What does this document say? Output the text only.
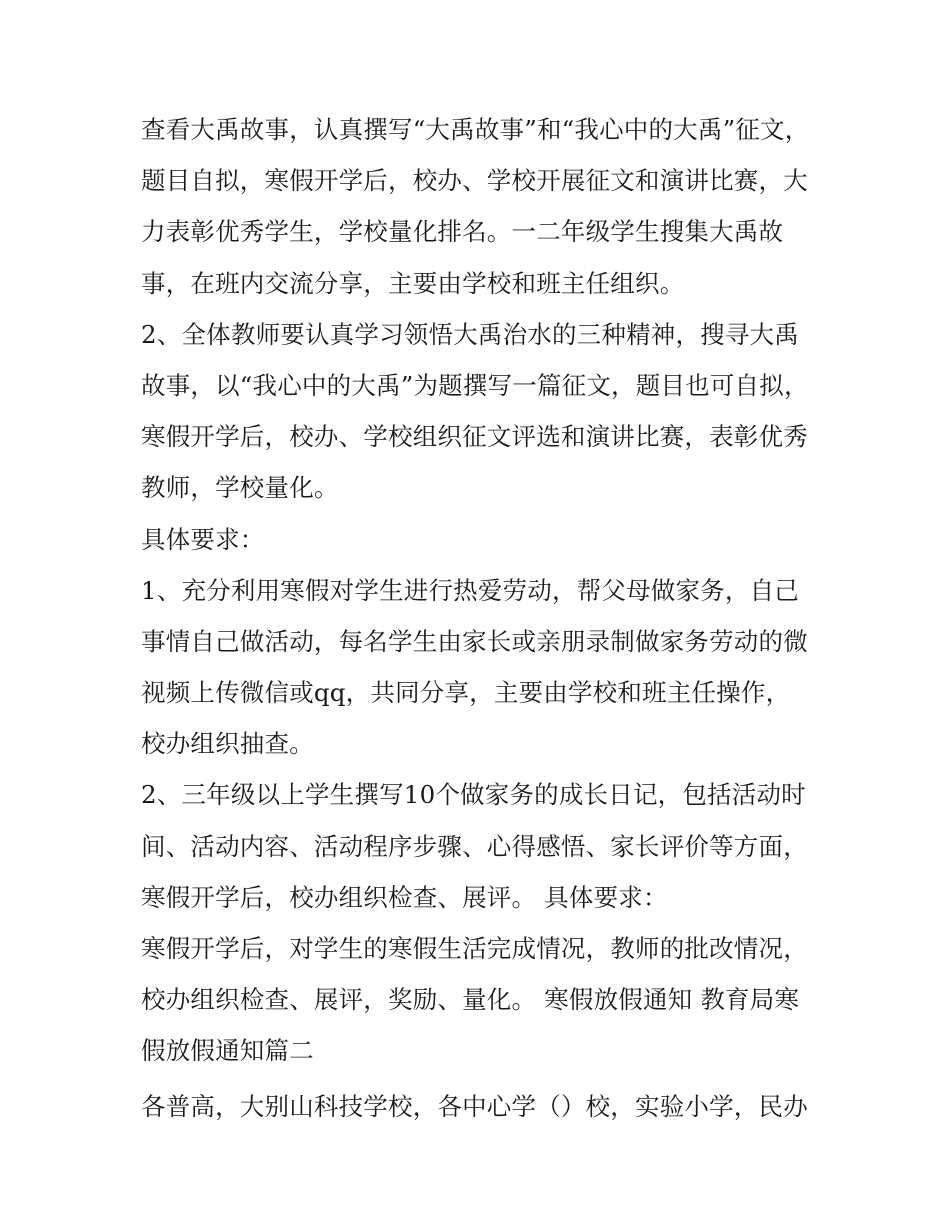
查看大禹故事，认真撰写“大禹故事”和“我心中的大禹”征文，
题目自拟，寒假开学后，校办、学校开展征文和演讲比赛，大
力表彰优秀学生，学校量化排名。一二年级学生搜集大禹故
事，在班内交流分享，主要由学校和班主任组织。
2、全体教师要认真学习领悟大禹治水的三种精神，搜寻大禹
故事，以“我心中的大禹”为题撰写一篇征文，题目也可自拟，
寒假开学后，校办、学校组织征文评选和演讲比赛，表彰优秀
教师，学校量化。
具体要求：
1、充分利用寒假对学生进行热爱劳动，帮父母做家务，自己
事情自己做活动，每名学生由家长或亲朋录制做家务劳动的微
视频上传微信或qq，共同分享，主要由学校和班主任操作，
校办组织抽查。
2、三年级以上学生撰写10个做家务的成长日记，包括活动时
间、活动内容、活动程序步骤、心得感悟、家长评价等方面，
寒假开学后，校办组织检查、展评。 具体要求：
寒假开学后，对学生的寒假生活完成情况，教师的批改情况，
校办组织检查、展评，奖励、量化。 寒假放假通知 教育局寒
假放假通知篇二
各普高，大别山科技学校，各中心学（）校，实验小学，民办
